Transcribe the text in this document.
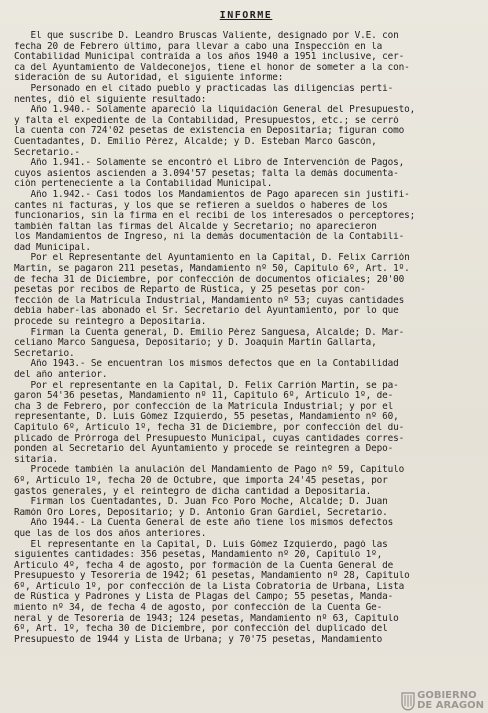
INFORME
El que suscribe D. Leandro Bruscas Valiente, designado por V.E. con
fecha 20 de Febrero último, para llevar a cabo una Inspección en la
Contabilidad Municipal contraída a los años 1940 a 1951 inclusive, cer-
ca del Ayuntamiento de Valdeconejos, tiene el honor de someter a la con-
sideración de su Autoridad, el siguiente informe:
Personado en el citado pueblo y practicadas las diligencias perti-
nentes, dió el siguiente resultado:
Año 1.940.- Solamente apareció la liquidación General del Presupuesto,
y falta el expediente de la Contabilidad, Presupuestos, etc.; se cerró
la cuenta con 724'02 pesetas de existencia en Depositaría; figuran como
Cuentadantes, D. Emilio Pérez, Alcalde; y D. Esteban Marco Gascón,
Secretario.-
Año 1.941.- Solamente se encontró el Libro de Intervención de Pagos,
cuyos asientos ascienden a 3.094'57 pesetas; falta la demás documenta-
ción perteneciente a la Contabilidad Municipal.
Año 1.942.- Casi todos los Mandamientos de Pago aparecen sin justifi-
cantes ni facturas, y los que se refieren a sueldos o haberes de los
funcionarios, sin la firma en el recibí de los interesados o perceptores;
también faltan las firmas del Alcalde y Secretario; no aparecieron
los Mandamientos de Ingreso, ni la demás documentación de la Contabili-
dad Municipal.
Por el Representante del Ayuntamiento en la Capital, D. Felix Carrión
Martín, se pagaron 211 pesetas, Mandamiento nº 50, Capítulo 6º, Art. 1º.
de fecha 31 de Diciembre, por confección de documentos oficiales; 20'00
pesetas por recibos de Reparto de Rústica, y 25 pesetas por con-
fección de la Matrícula Industrial, Mandamiento nº 53; cuyas cantidades
debía haber-las abonado el Sr. Secretario del Ayuntamiento, por lo que
procede su reintegro a Depositaría.
Firman la Cuenta general, D. Emilio Pérez Sanguesa, Alcalde; D. Mar-
celiano Marco Sanguesa, Depositario; y D. Joaquín Martín Gallarta,
Secretario.
Año 1943.- Se encuentran los mismos defectos que en la Contabilidad
del año anterior.
Por el representante en la Capital, D. Felix Carrión Martín, se pa-
garon 54'36 pesetas, Mandamiento nº 11, Capítulo 6º, Artículo 1º, de-
cha 3 de Febrero, por confección de la Matrícula Industrial; y por el
representante, D. Luis Gómez Izquierdo, 55 pesetas, Mandamiento nº 60,
Capítulo 6º, Artículo 1º, fecha 31 de Diciembre, por confección del du-
plicado de Prórroga del Presupuesto Municipal, cuyas cantidades corres-
ponden al Secretario del Ayuntamiento y procede se reintegren a Depo-
sitaría.
Procede también la anulación del Mandamiento de Pago nº 59, Capítulo
6º, Artículo 1º, fecha 20 de Octubre, que importa 24'45 pesetas, por
gastos generales, y el reintegro de dicha cantidad a Depositaría.
Firman los Cuentadantes, D. Juan Fco Poro Moche, Alcalde; D. Juan
Ramón Oro Lores, Depositario; y D. Antonio Gran Gardiel, Secretario.
Año 1944.- La Cuenta General de este año tiene los mismos defectos
que las de los dos años anteriores.
El representante en la Capital, D. Luis Gómez Izquierdo, pagó las
siguientes cantidades: 356 pesetas, Mandamiento nº 20, Capítulo 1º,
Artículo 4º, fecha 4 de agosto, por formación de la Cuenta General de
Presupuesto y Tesorería de 1942; 61 pesetas, Mandamiento nº 28, Capítulo
6º, Artículo 1º, por confección de la Lista Cobratoria de Urbana, Lista
de Rústica y Padrones y Lista de Plagas del Campo; 55 pesetas, Manda-
miento nº 34, de fecha 4 de agosto, por confección de la Cuenta Ge-
neral y de Tesorería de 1943; 124 pesetas, Mandamiento nº 63, Capítulo
6º, Art. 1º, fecha 30 de Diciembre, por confección del duplicado del
Presupuesto de 1944 y Lista de Urbana; y 70'75 pesetas, Mandamiento
GOBIERNO
DE ARAGON
